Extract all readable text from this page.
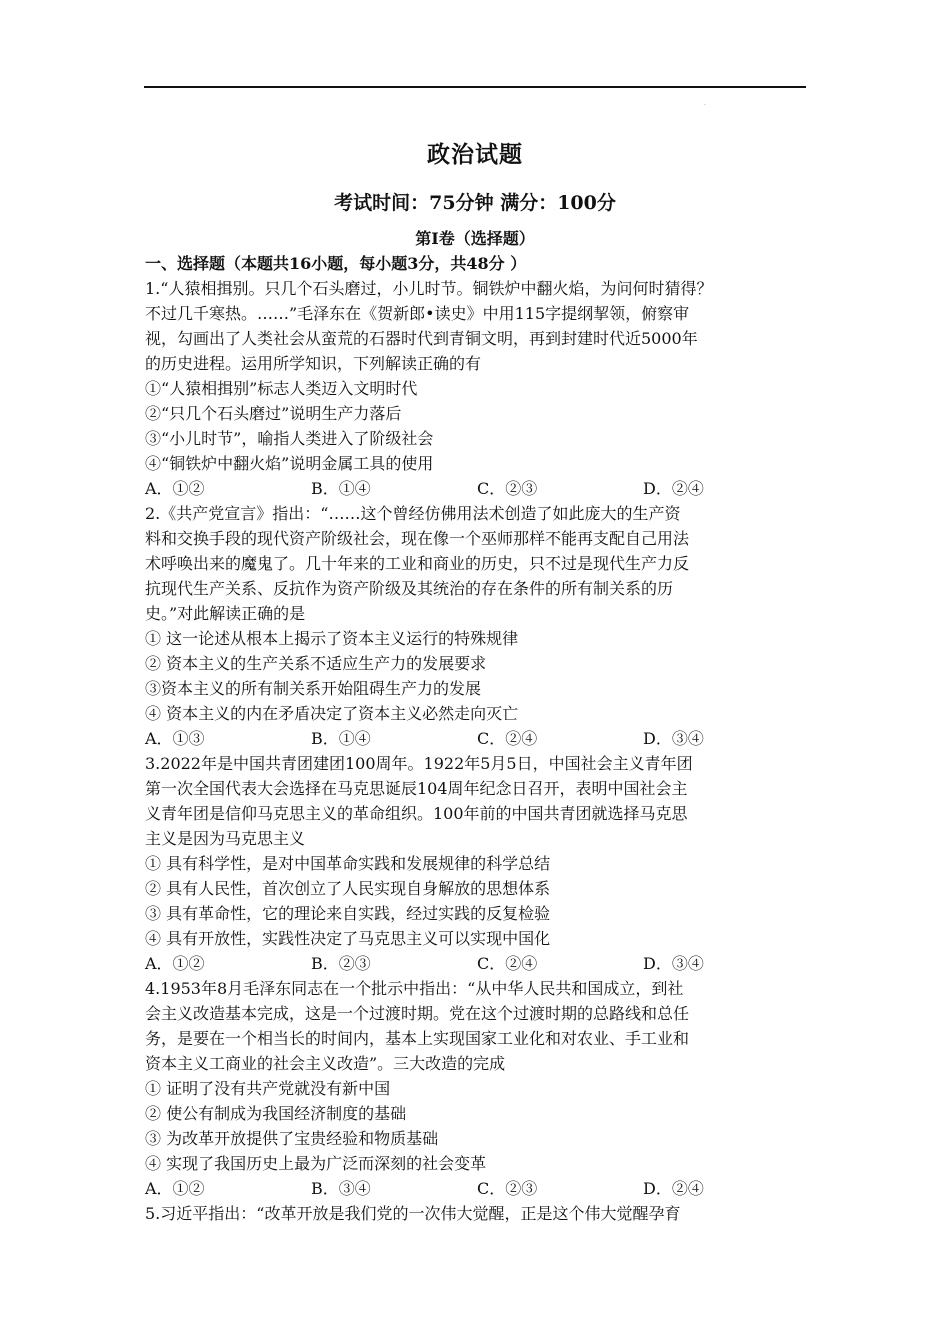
.
政治试题
考试时间：75分钟 满分：100分
第Ⅰ卷（选择题）
一、选择题（本题共16小题，每小题3分，共48分 ）
1.“人猿相揖别。只几个石头磨过，小儿时节。铜铁炉中翻火焰，为问何时猜得？
不过几千寒热。……”毛泽东在《贺新郎•读史》中用115字提纲挈领，俯察审
视，勾画出了人类社会从蛮荒的石器时代到青铜文明，再到封建时代近5000年
的历史进程。运用所学知识，下列解读正确的有
①“人猿相揖别”标志人类迈入文明时代
②“只几个石头磨过”说明生产力落后
③“小儿时节”，喻指人类进入了阶级社会
④“铜铁炉中翻火焰”说明金属工具的使用
A．①②	B．①④	C．②③	D．②④
2.《共产党宣言》指出：“……这个曾经仿佛用法术创造了如此庞大的生产资
料和交换手段的现代资产阶级社会，现在像一个巫师那样不能再支配自己用法
术呼唤出来的魔鬼了。几十年来的工业和商业的历史，只不过是现代生产力反
抗现代生产关系、反抗作为资产阶级及其统治的存在条件的所有制关系的历
史。”对此解读正确的是
① 这一论述从根本上揭示了资本主义运行的特殊规律
② 资本主义的生产关系不适应生产力的发展要求
③资本主义的所有制关系开始阻碍生产力的发展
④ 资本主义的内在矛盾决定了资本主义必然走向灭亡
A．①③	B．①④	C．②④	D．③④
3.2022年是中国共青团建团100周年。1922年5月5日，中国社会主义青年团
第一次全国代表大会选择在马克思诞辰104周年纪念日召开，表明中国社会主
义青年团是信仰马克思主义的革命组织。100年前的中国共青团就选择马克思
主义是因为马克思主义
① 具有科学性，是对中国革命实践和发展规律的科学总结
② 具有人民性，首次创立了人民实现自身解放的思想体系
③ 具有革命性，它的理论来自实践，经过实践的反复检验
④ 具有开放性，实践性决定了马克思主义可以实现中国化
A．①②	B．②③	C．②④	D．③④
4.1953年8月毛泽东同志在一个批示中指出：“从中华人民共和国成立，到社
会主义改造基本完成，这是一个过渡时期。党在这个过渡时期的总路线和总任
务，是要在一个相当长的时间内，基本上实现国家工业化和对农业、手工业和
资本主义工商业的社会主义改造”。三大改造的完成
① 证明了没有共产党就没有新中国
② 使公有制成为我国经济制度的基础
③ 为改革开放提供了宝贵经验和物质基础
④ 实现了我国历史上最为广泛而深刻的社会变革
A．①②	B．③④	C．②③	D．②④
5.习近平指出：“改革开放是我们党的一次伟大觉醒，正是这个伟大觉醒孕育
